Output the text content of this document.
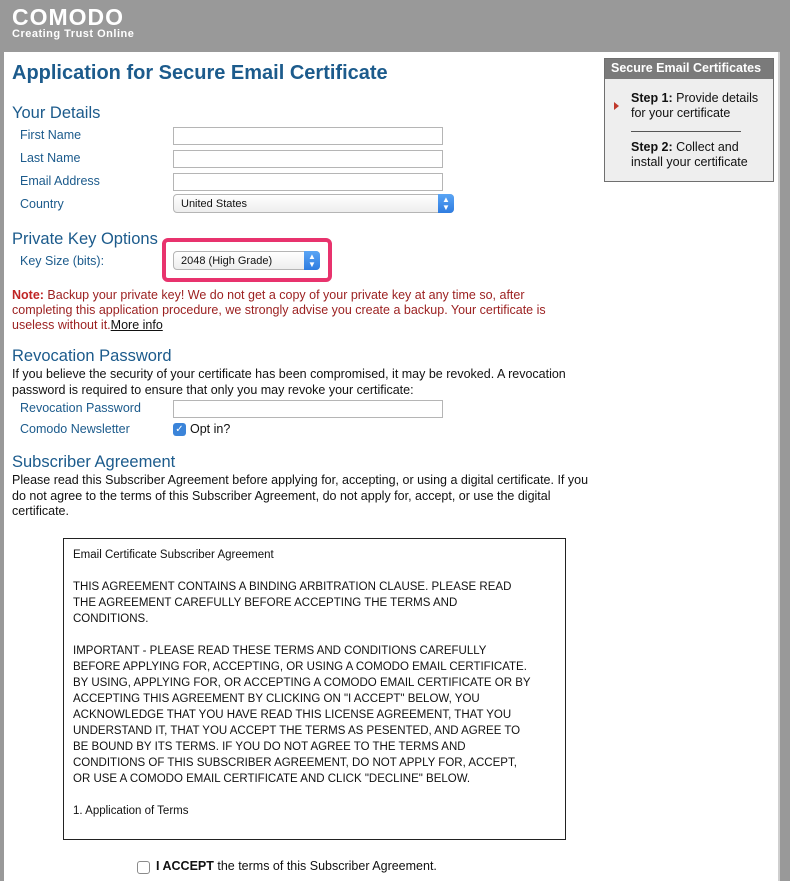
COMODO
Creating Trust Online
Application for Secure Email Certificate
Your Details
First Name
Last Name
Email Address
Country	United States	▲
▼
Private Key Options
Key Size (bits):	2048 (High Grade)	▲
▼
Note: Backup your private key! We do not get a copy of your private key at any time so, after completing this application procedure, we strongly advise you create a backup. Your certificate is useless without it.More info
Revocation Password
If you believe the security of your certificate has been compromised, it may be revoked. A revocation password is required to ensure that only you may revoke your certificate:
Revocation Password
Comodo Newsletter	✓ Opt in?
Subscriber Agreement
Please read this Subscriber Agreement before applying for, accepting, or using a digital certificate. If you do not agree to the terms of this Subscriber Agreement, do not apply for, accept, or use the digital certificate.

Email Certificate Subscriber Agreement

THIS AGREEMENT CONTAINS A BINDING ARBITRATION CLAUSE. PLEASE READ
THE AGREEMENT CAREFULLY BEFORE ACCEPTING THE TERMS AND
CONDITIONS.

IMPORTANT - PLEASE READ THESE TERMS AND CONDITIONS CAREFULLY
BEFORE APPLYING FOR, ACCEPTING, OR USING A COMODO EMAIL CERTIFICATE.
BY USING, APPLYING FOR, OR ACCEPTING A COMODO EMAIL CERTIFICATE OR BY
ACCEPTING THIS AGREEMENT BY CLICKING ON "I ACCEPT" BELOW, YOU
ACKNOWLEDGE THAT YOU HAVE READ THIS LICENSE AGREEMENT, THAT YOU
UNDERSTAND IT, THAT YOU ACCEPT THE TERMS AS PESENTED, AND AGREE TO
BE BOUND BY ITS TERMS. IF YOU DO NOT AGREE TO THE TERMS AND
CONDITIONS OF THIS SUBSCRIBER AGREEMENT, DO NOT APPLY FOR, ACCEPT,
OR USE A COMODO EMAIL CERTIFICATE AND CLICK "DECLINE" BELOW.

1. Application of Terms

I ACCEPT the terms of this Subscriber Agreement.
Secure Email Certificates
Step 1: Provide details for your certificate
Step 2: Collect and install your certificate
